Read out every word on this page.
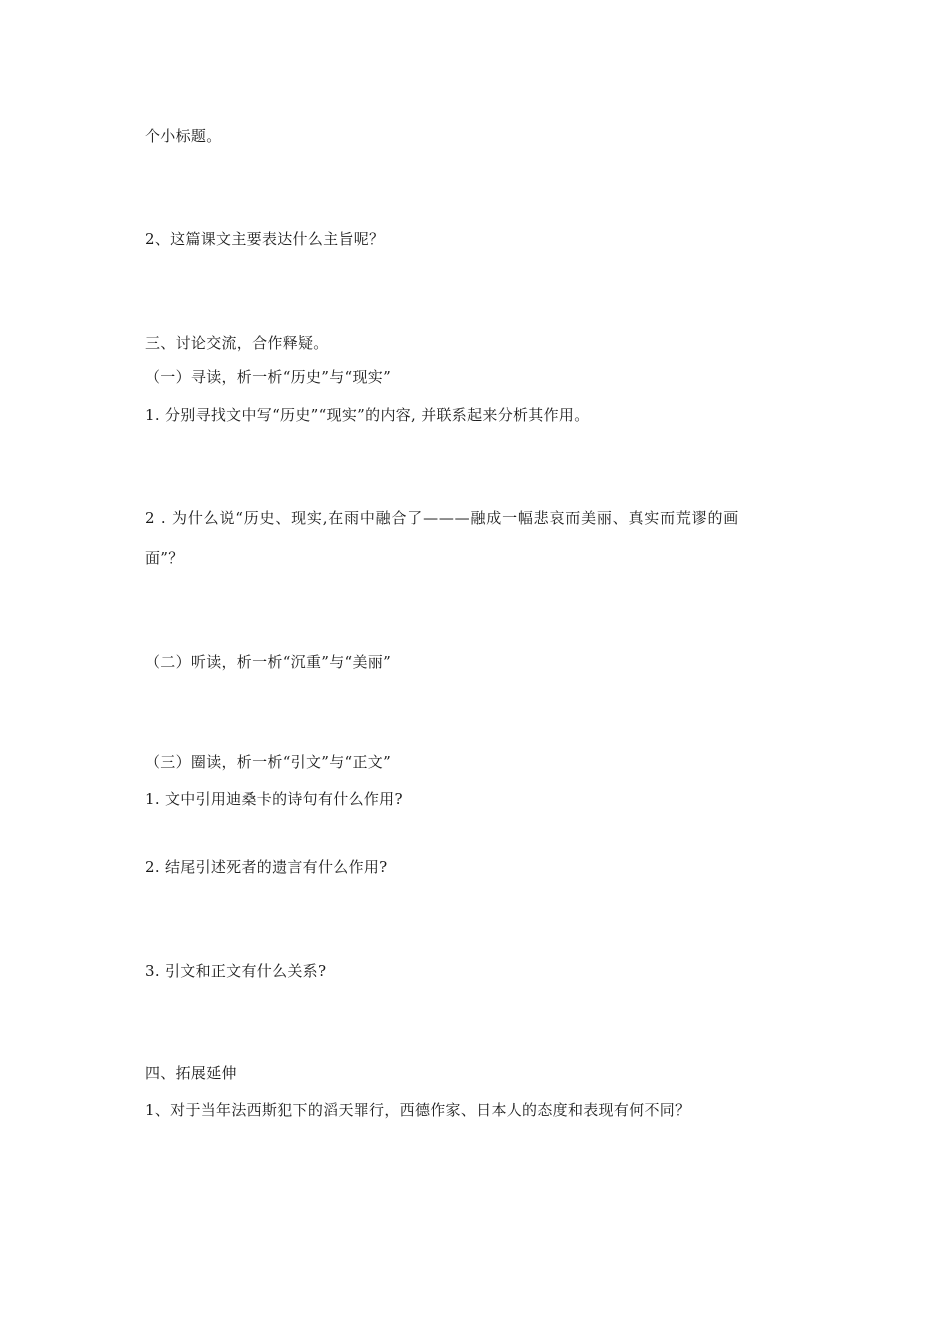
个小标题。
2、这篇课文主要表达什么主旨呢？
三、讨论交流，合作释疑。
（一）寻读，析一析“历史”与“现实”
1. 分别寻找文中写“历史”“现实”的内容, 并联系起来分析其作用。
2 . 为什么说“历史、现实,在雨中融合了———融成一幅悲哀而美丽、真实而荒谬的画
面”？
（二）听读，析一析“沉重”与“美丽”
（三）圈读，析一析“引文”与“正文”
1. 文中引用迪桑卡的诗句有什么作用?
2. 结尾引述死者的遗言有什么作用?
3. 引文和正文有什么关系?
四、拓展延伸
1、对于当年法西斯犯下的滔天罪行，西德作家、日本人的态度和表现有何不同？
